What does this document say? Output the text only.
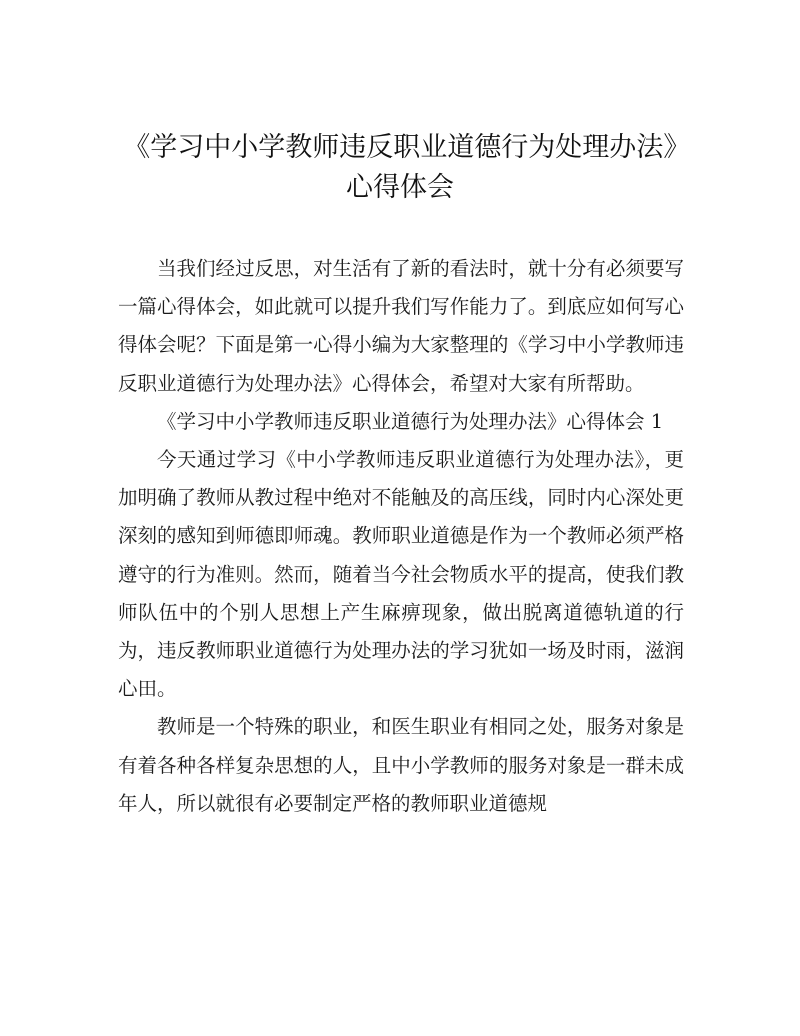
《学习中小学教师违反职业道德行为处理办法》心得体会

当我们经过反思，对生活有了新的看法时，就十分有必须要写一篇心得体会，如此就可以提升我们写作能力了。到底应如何写心得体会呢？下面是第一心得小编为大家整理的《学习中小学教师违反职业道德行为处理办法》心得体会，希望对大家有所帮助。

《学习中小学教师违反职业道德行为处理办法》心得体会 1

今天通过学习《中小学教师违反职业道德行为处理办法》，更加明确了教师从教过程中绝对不能触及的高压线，同时内心深处更深刻的感知到师德即师魂。教师职业道德是作为一个教师必须严格遵守的行为准则。然而，随着当今社会物质水平的提高，使我们教师队伍中的个别人思想上产生麻痹现象，做出脱离道德轨道的行为，违反教师职业道德行为处理办法的学习犹如一场及时雨，滋润心田。

教师是一个特殊的职业，和医生职业有相同之处，服务对象是有着各种各样复杂思想的人，且中小学教师的服务对象是一群未成年人，所以就很有必要制定严格的教师职业道德规
